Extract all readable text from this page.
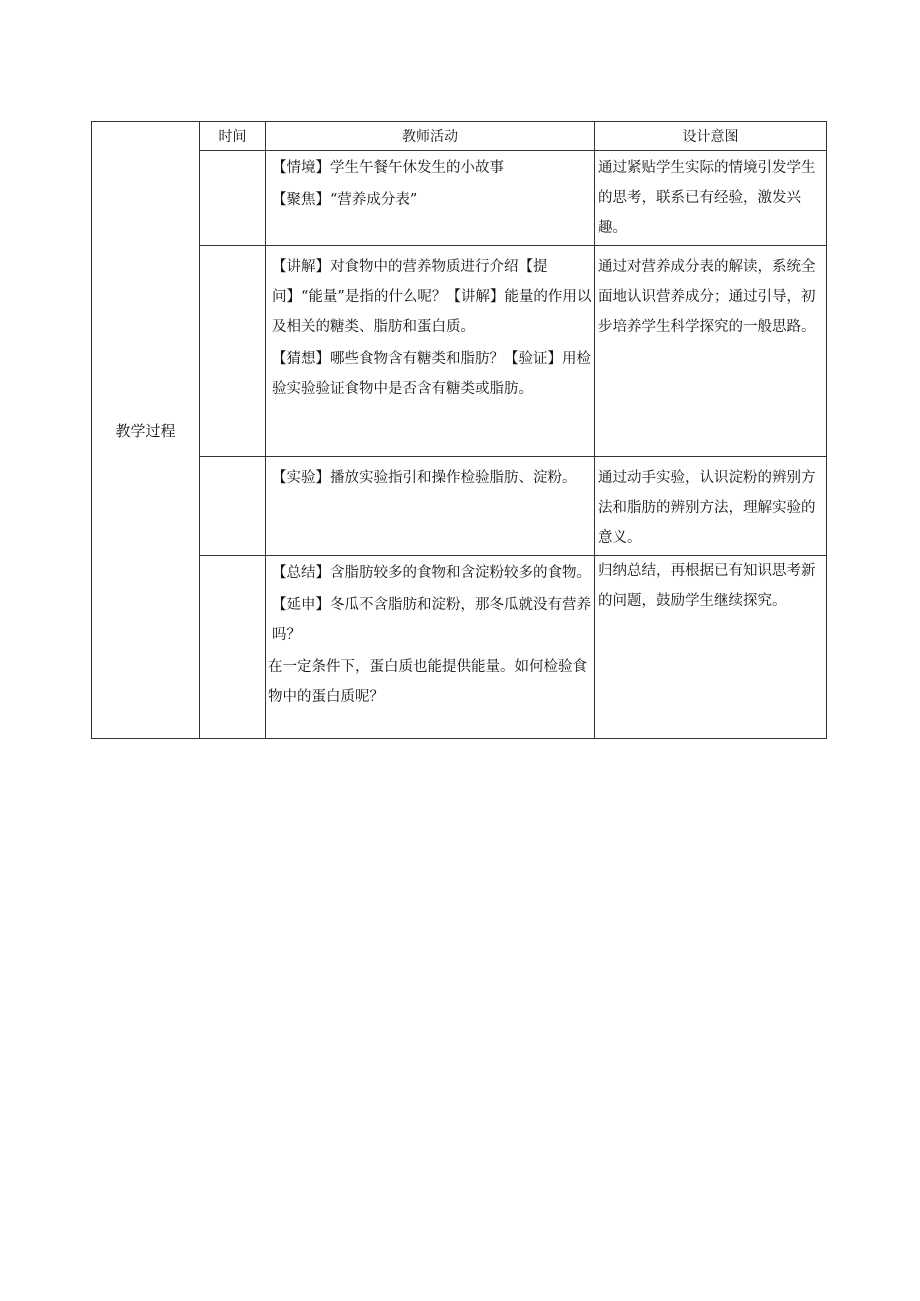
教学过程	时间	教师活动	设计意图

		【情境】学生午餐午休发生的小故事
【聚焦】“营养成分表”	通过紧贴学生实际的情境引发学生的思考，联系已有经验，激发兴趣。

		【讲解】对食物中的营养物质进行介绍【提问】“能量”是指的什么呢？【讲解】能量的作用以及相关的糖类、脂肪和蛋白质。
【猜想】哪些食物含有糖类和脂肪？【验证】用检验实验验证食物中是否含有糖类或脂肪。	通过对营养成分表的解读，系统全面地认识营养成分；通过引导，初步培养学生科学探究的一般思路。

		【实验】播放实验指引和操作检验脂肪、淀粉。	通过动手实验，认识淀粉的辨别方法和脂肪的辨别方法，理解实验的意义。

		【总结】含脂肪较多的食物和含淀粉较多的食物。
【延申】冬瓜不含脂肪和淀粉，那冬瓜就没有营养吗？
在一定条件下，蛋白质也能提供能量。如何检验食物中的蛋白质呢？	归纳总结，再根据已有知识思考新的问题，鼓励学生继续探究。
